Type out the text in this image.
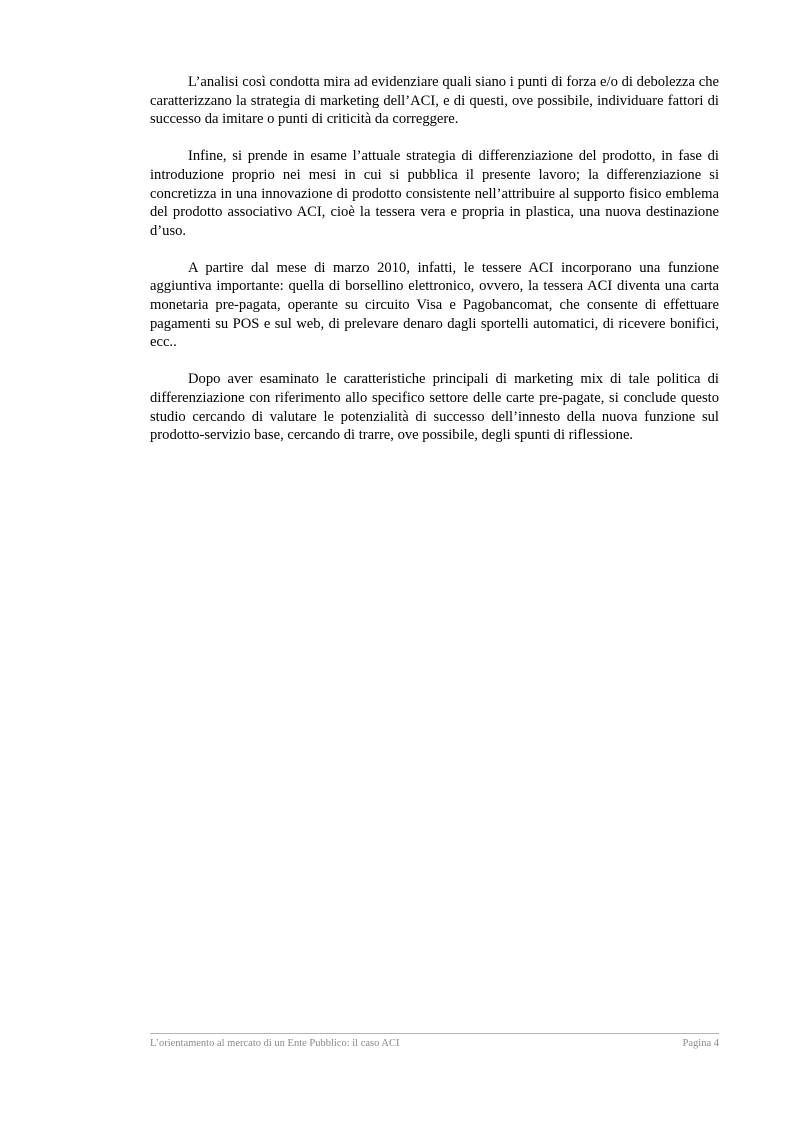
L’analisi così condotta mira ad evidenziare quali siano i punti di forza e/o di debolezza che caratterizzano la strategia di marketing dell’ACI, e di questi, ove possibile, individuare fattori di successo da imitare o punti di criticità da correggere.

Infine, si prende in esame l’attuale strategia di differenziazione del prodotto, in fase di introduzione proprio nei mesi in cui si pubblica il presente lavoro; la differenziazione si concretizza in una innovazione di prodotto consistente nell’attribuire al supporto fisico emblema del prodotto associativo ACI, cioè la tessera vera e propria in plastica, una nuova destinazione d’uso.

A partire dal mese di marzo 2010, infatti, le tessere ACI incorporano una funzione aggiuntiva importante: quella di borsellino elettronico, ovvero, la tessera ACI diventa una carta monetaria pre-pagata, operante su circuito Visa e Pagobancomat, che consente di effettuare pagamenti su POS e sul web, di prelevare denaro dagli sportelli automatici, di ricevere bonifici, ecc..

Dopo aver esaminato le caratteristiche principali di marketing mix di tale politica di differenziazione con riferimento allo specifico settore delle carte pre-pagate, si conclude questo studio cercando di valutare le potenzialità di successo dell’innesto della nuova funzione sul prodotto-servizio base, cercando di trarre, ove possibile, degli spunti di riflessione.

L’orientamento al mercato di un Ente Pubblico: il caso ACI	Pagina 4
